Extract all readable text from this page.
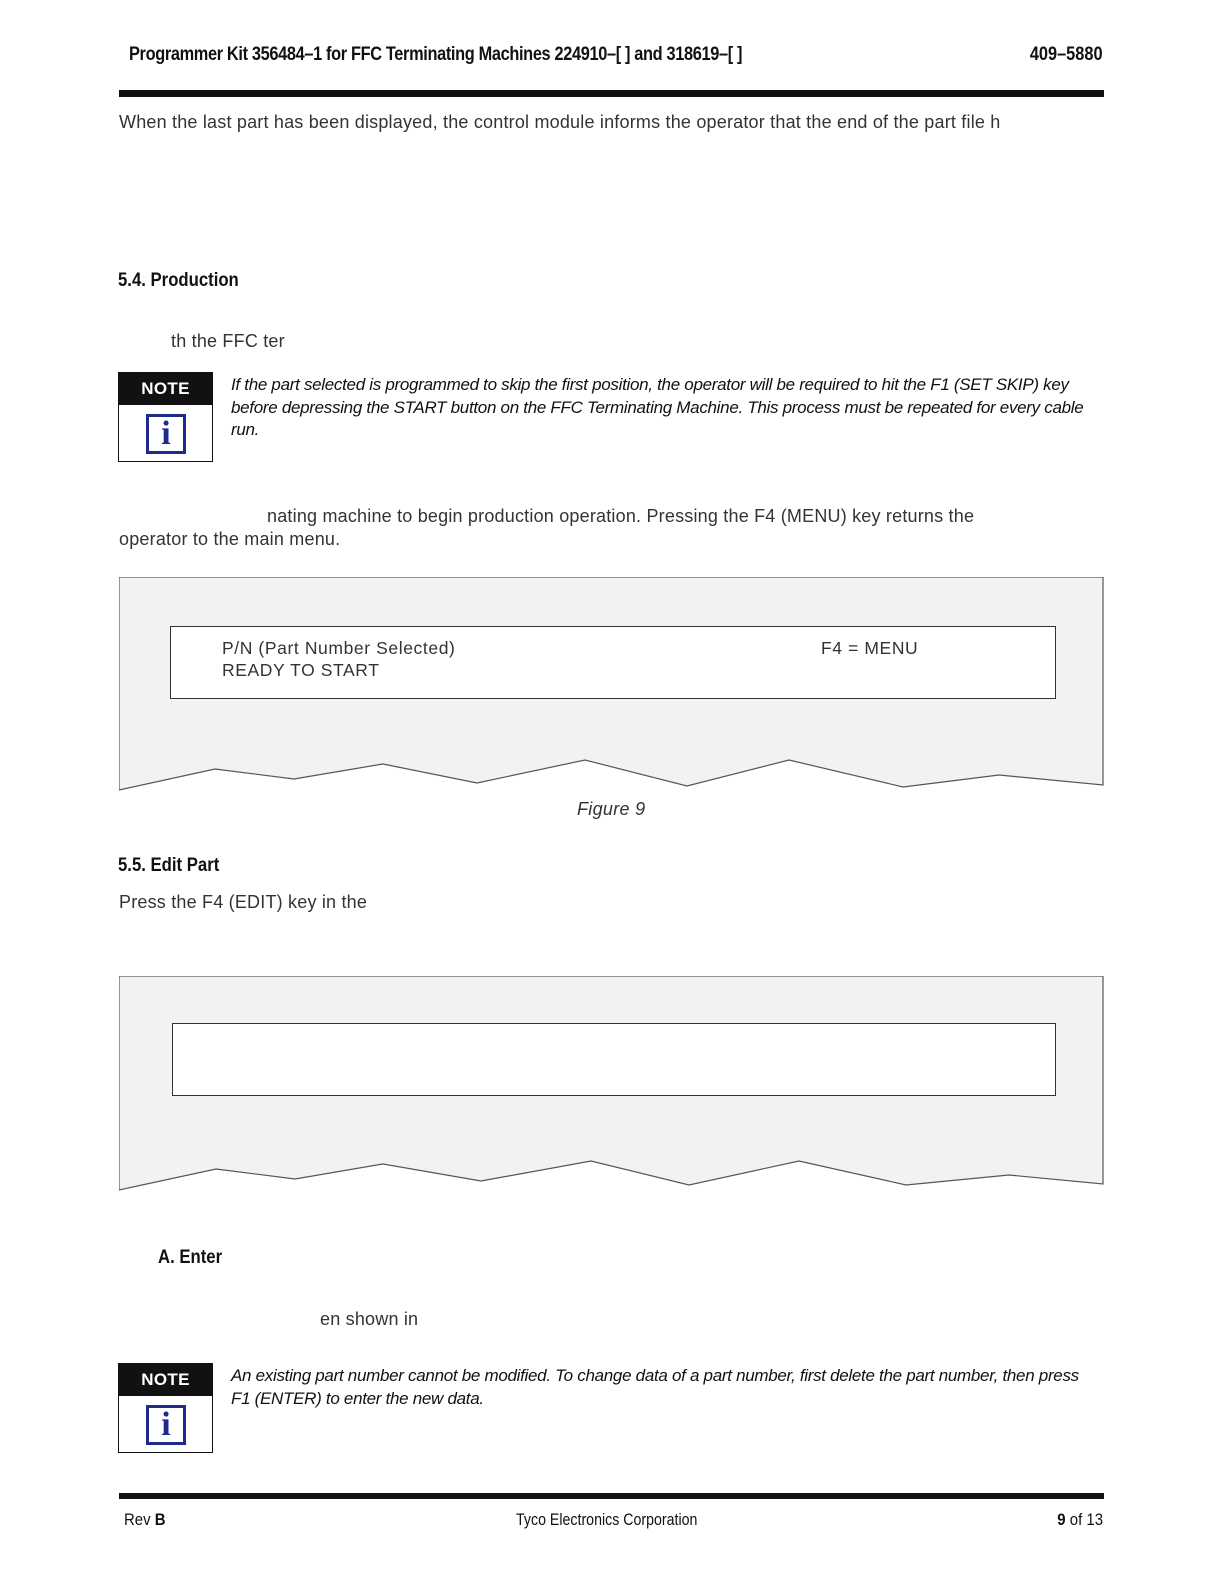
Programmer Kit 356484–1 for FFC Terminating Machines 224910–[ ] and 318619–[ ]	409–5880
When the last part has been displayed, the control module informs the operator that the end of the part file h
5.4. Production
th the FFC ter
NOTE
i
If the part selected is programmed to skip the first position, the operator will be required to hit the F1 (SET SKIP) key before depressing the START button on the FFC Terminating Machine. This process must be repeated for every cable run.
nating machine to begin production operation. Pressing the F4 (MENU) key returns the
operator to the main menu.
P/N (Part Number Selected)	F4 = MENU
READY TO START
Figure 9
5.5. Edit Part
Press the F4 (EDIT) key in the
A. Enter
en shown in
NOTE
i
An existing part number cannot be modified. To change data of a part number, first delete the part number, then press F1 (ENTER) to enter the new data.
Rev B	Tyco Electronics Corporation	9 of 13
